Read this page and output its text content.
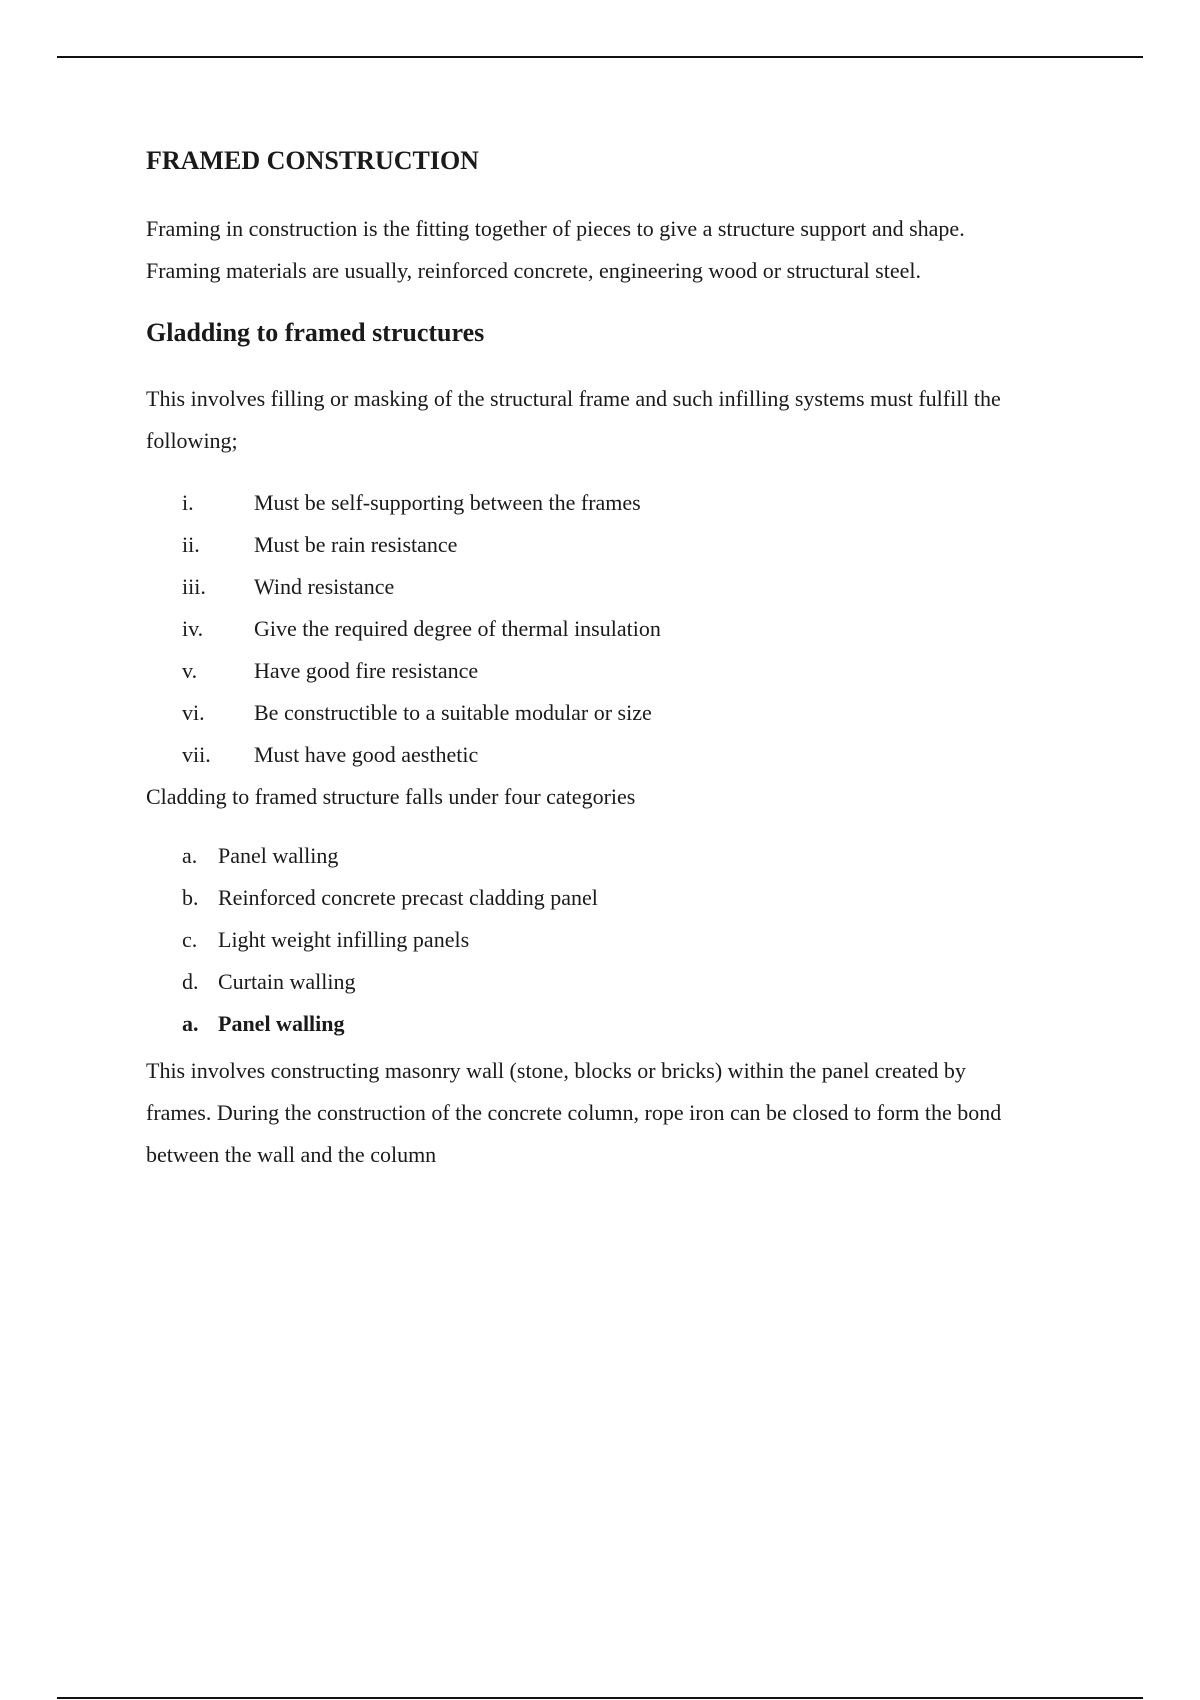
FRAMED CONSTRUCTION

Framing in construction is the fitting together of pieces to give a structure support and shape.
Framing materials are usually, reinforced concrete, engineering wood or structural steel.

Gladding to framed structures

This involves filling or masking of the structural frame and such infilling systems must fulfill the
following;

i.	Must be self-supporting between the frames
ii. Must be rain resistance
iii. Wind resistance
iv. Give the required degree of thermal insulation
v.	Have good fire resistance
vi. Be constructible to a suitable modular or size
vii. Must have good aesthetic
Cladding to framed structure falls under four categories
a. Panel walling
b. Reinforced concrete precast cladding panel
c. Light weight infilling panels
d. Curtain walling
a. Panel walling

This involves constructing masonry wall (stone, blocks or bricks) within the panel created by
frames. During the construction of the concrete column, rope iron can be closed to form the bond
between the wall and the column
